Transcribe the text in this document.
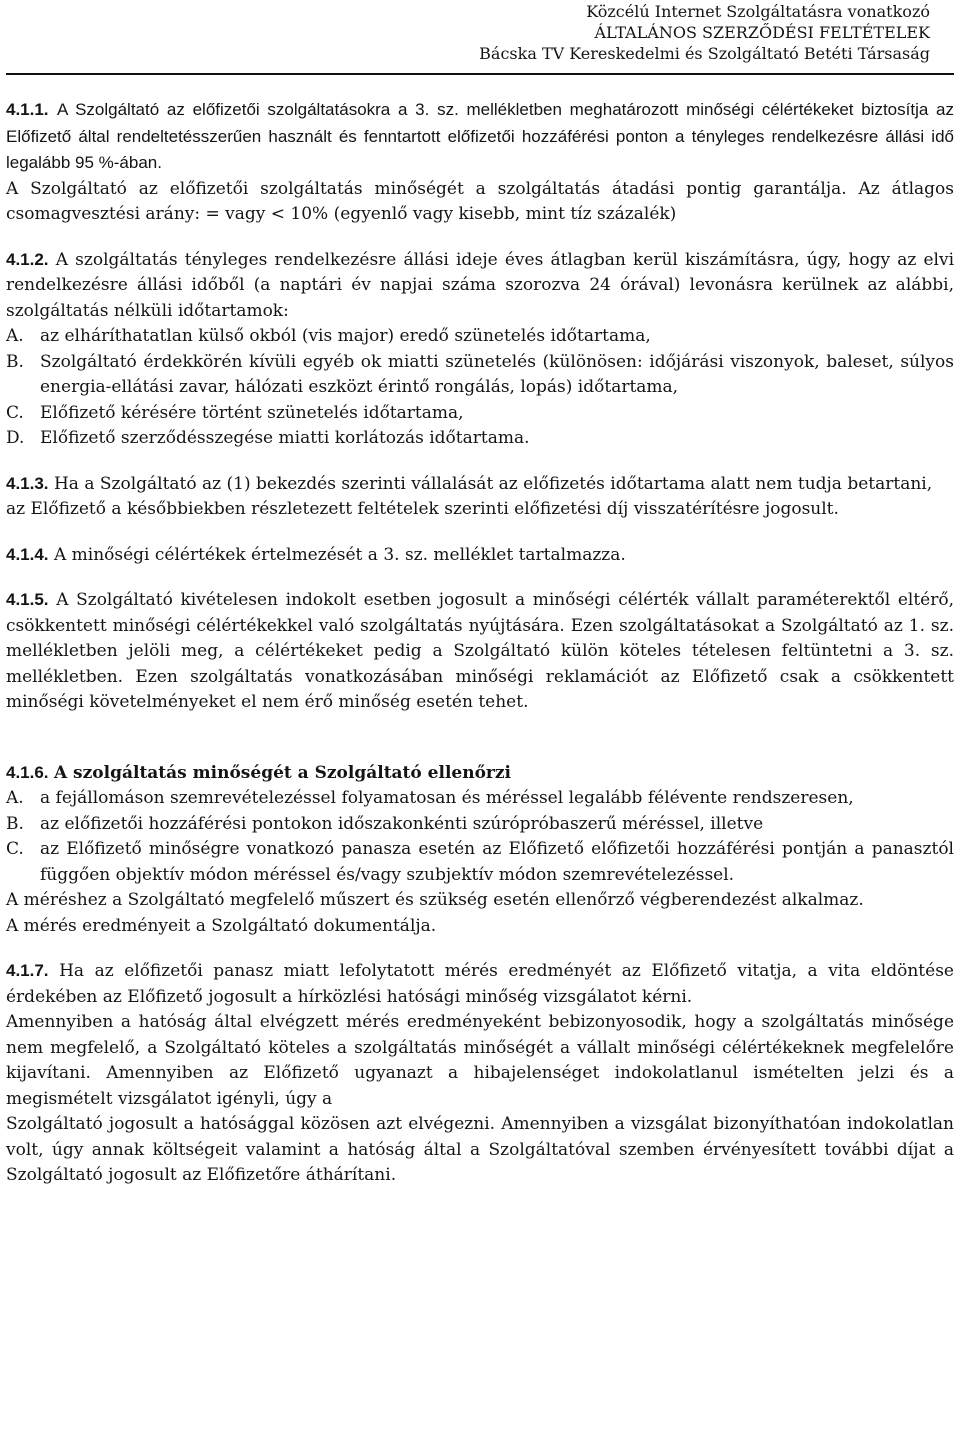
Közcélú Internet Szolgáltatásra vonatkozó
ÁLTALÁNOS SZERZŐDÉSI FELTÉTELEK
Bácska TV Kereskedelmi és Szolgáltató Betéti Társaság

4.1.1. A Szolgáltató az előfizetői szolgáltatásokra a 3. sz. mellékletben meghatározott minőségi célértékeket biztosítja az Előfizető által rendeltetésszerűen használt és fenntartott előfizetői hozzáférési ponton a tényleges rendelkezésre állási idő legalább 95 %-ában.

A Szolgáltató az előfizetői szolgáltatás minőségét a szolgáltatás átadási pontig garantálja. Az átlagos csomagvesztési arány: = vagy < 10% (egyenlő vagy kisebb, mint tíz százalék)

4.1.2. A szolgáltatás tényleges rendelkezésre állási ideje éves átlagban kerül kiszámításra, úgy, hogy az elvi rendelkezésre állási időből (a naptári év napjai száma szorozva 24 órával) levonásra kerülnek az alábbi, szolgáltatás nélküli időtartamok:

A. az elháríthatatlan külső okból (vis major) eredő szünetelés időtartama,
B. Szolgáltató érdekkörén kívüli egyéb ok miatti szünetelés (különösen: időjárási viszonyok, baleset, súlyos energia-ellátási zavar, hálózati eszközt érintő rongálás, lopás) időtartama,
C. Előfizető kérésére történt szünetelés időtartama,
D. Előfizető szerződésszegése miatti korlátozás időtartama.

4.1.3. Ha a Szolgáltató az (1) bekezdés szerinti vállalását az előfizetés időtartama alatt nem tudja betartani, az Előfizető a későbbiekben részletezett feltételek szerinti előfizetési díj visszatérítésre jogosult.

4.1.4. A minőségi célértékek értelmezését a 3. sz. melléklet tartalmazza.

4.1.5. A Szolgáltató kivételesen indokolt esetben jogosult a minőségi célérték vállalt paraméterektől eltérő, csökkentett minőségi célértékekkel való szolgáltatás nyújtására. Ezen szolgáltatásokat a Szolgáltató az 1. sz. mellékletben jelöli meg, a célértékeket pedig a Szolgáltató külön köteles tételesen feltüntetni a 3. sz. mellékletben. Ezen szolgáltatás vonatkozásában minőségi reklamációt az Előfizető csak a csökkentett minőségi követelményeket el nem érő minőség esetén tehet.

4.1.6. A szolgáltatás minőségét a Szolgáltató ellenőrzi

A. a fejállomáson szemrevételezéssel folyamatosan és méréssel legalább félévente rendszeresen,
B. az előfizetői hozzáférési pontokon időszakonkénti szúrópróbaszerű méréssel, illetve
C. az Előfizető minőségre vonatkozó panasza esetén az Előfizető előfizetői hozzáférési pontján a panasztól függően objektív módon méréssel és/vagy szubjektív módon szemrevételezéssel.

A méréshez a Szolgáltató megfelelő műszert és szükség esetén ellenőrző végberendezést alkalmaz.

A mérés eredményeit a Szolgáltató dokumentálja.

4.1.7. Ha az előfizetői panasz miatt lefolytatott mérés eredményét az Előfizető vitatja, a vita eldöntése érdekében az Előfizető jogosult a hírközlési hatósági minőség vizsgálatot kérni.

Amennyiben a hatóság által elvégzett mérés eredményeként bebizonyosodik, hogy a szolgáltatás minősége nem megfelelő, a Szolgáltató köteles a szolgáltatás minőségét a vállalt minőségi célértékeknek megfelelőre kijavítani. Amennyiben az Előfizető ugyanazt a hibajelenséget indokolatlanul ismételten jelzi és a megismételt vizsgálatot igényli, úgy a

Szolgáltató jogosult a hatósággal közösen azt elvégezni. Amennyiben a vizsgálat bizonyíthatóan indokolatlan volt, úgy annak költségeit valamint a hatóság által a Szolgáltatóval szemben érvényesített további díjat a Szolgáltató jogosult az Előfizetőre áthárítani.
